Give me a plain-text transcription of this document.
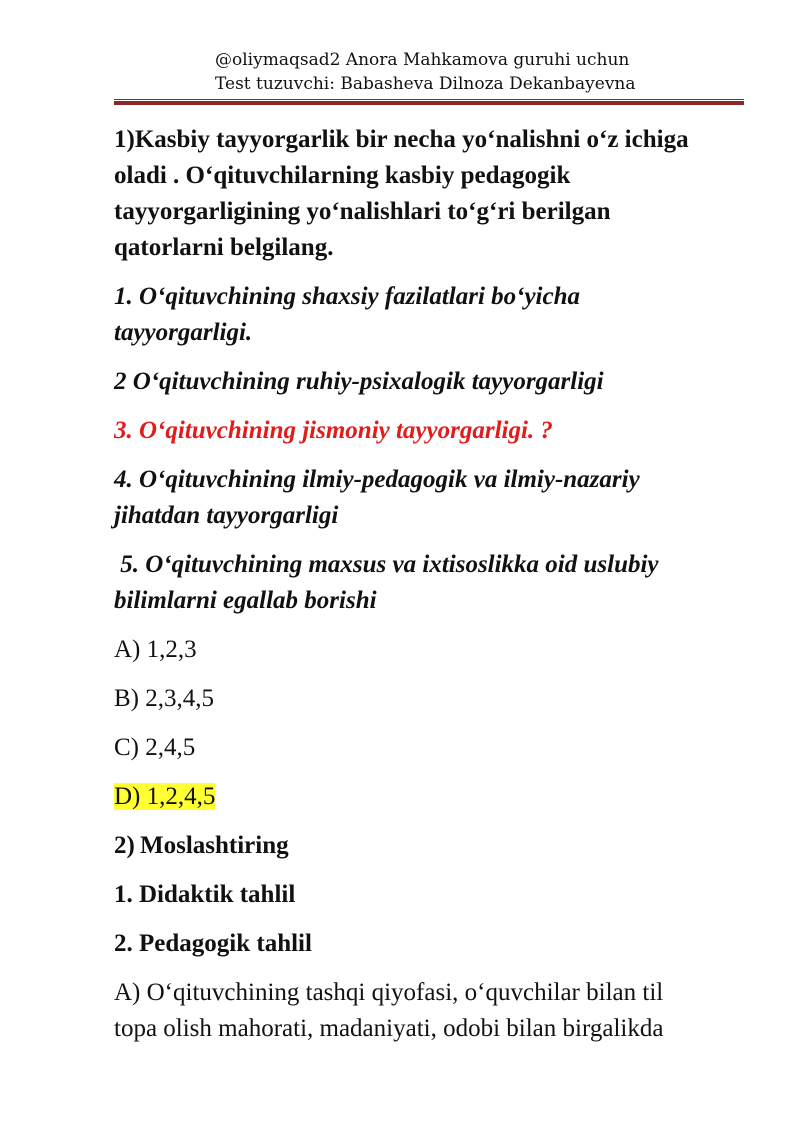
@oliymaqsad2 Anora Mahkamova guruhi uchun
Test tuzuvchi: Babasheva Dilnoza Dekanbayevna
1)Kasbiy tayyorgarlik bir necha yo‘nalishni o‘z ichiga
oladi . O‘qituvchilarning kasbiy pedagogik
tayyorgarligining yo‘nalishlari to‘g‘ri berilgan
qatorlarni belgilang.
1. O‘qituvchining shaxsiy fazilatlari bo‘yicha
tayyorgarligi.
2 O‘qituvchining ruhiy-psixalogik tayyorgarligi
3. O‘qituvchining jismoniy tayyorgarligi. ?
4. O‘qituvchining ilmiy-pedagogik va ilmiy-nazariy
jihatdan tayyorgarligi
5. O‘qituvchining maxsus va ixtisoslikka oid uslubiy
bilimlarni egallab borishi
A) 1,2,3
B) 2,3,4,5
C) 2,4,5
D) 1,2,4,5
2) Moslashtiring
1. Didaktik tahlil
2. Pedagogik tahlil
A) O‘qituvchining tashqi qiyofasi, o‘quvchilar bilan til
topa olish mahorati, madaniyati, odobi bilan birgalikda
